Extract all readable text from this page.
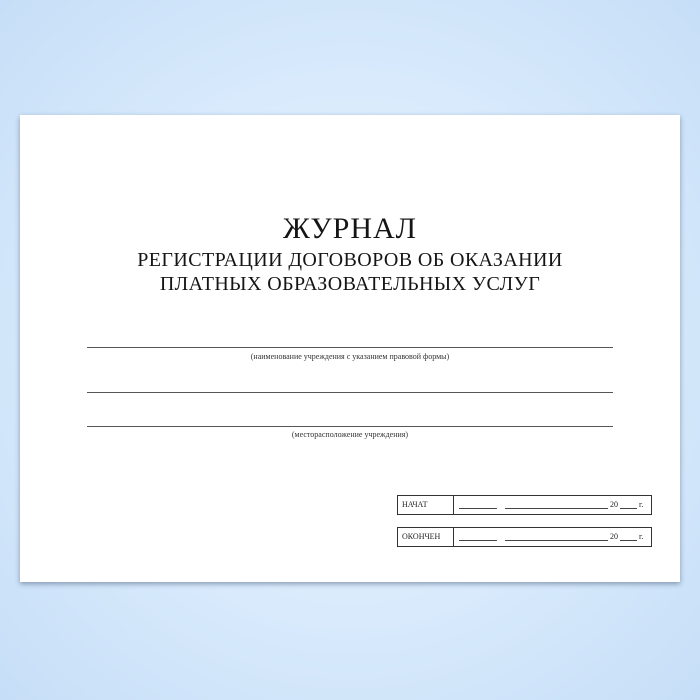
ЖУРНАЛ
РЕГИСТРАЦИИ ДОГОВОРОВ ОБ ОКАЗАНИИ
ПЛАТНЫХ ОБРАЗОВАТЕЛЬНЫХ УСЛУГ
(наименование учреждения с указанием правовой формы)
(месторасположение учреждения)
НАЧАТ	20	г.
ОКОНЧЕН	20	г.
